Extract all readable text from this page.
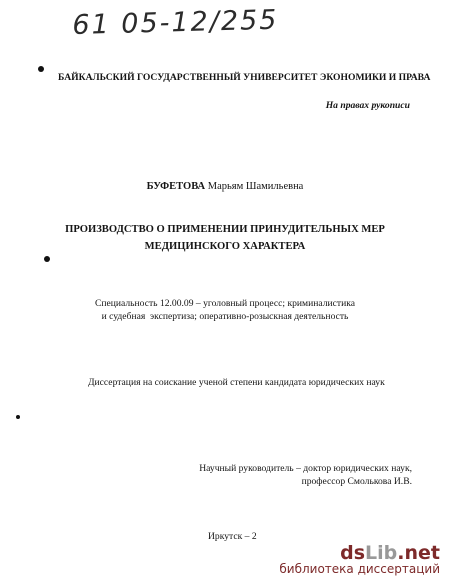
61 05-12/255
БАЙКАЛЬСКИЙ ГОСУДАРСТВЕННЫЙ УНИВЕРСИТЕТ ЭКОНОМИКИ И ПРАВА
На правах рукописи
БУФЕТОВА Марьям Шамильевна
ПРОИЗВОДСТВО О ПРИМЕНЕНИИ ПРИНУДИТЕЛЬНЫХ МЕР
МЕДИЦИНСКОГО ХАРАКТЕРА
Специальность 12.00.09 – уголовный процесс; криминалистика
и судебная  экспертиза; оперативно-розыскная деятельность
Диссертация на соискание ученой степени кандидата юридических наук
Научный руководитель – доктор юридических наук,
профессор Смолькова И.В.
Иркутск – 2
dsLib.net
библиотека диссертаций
